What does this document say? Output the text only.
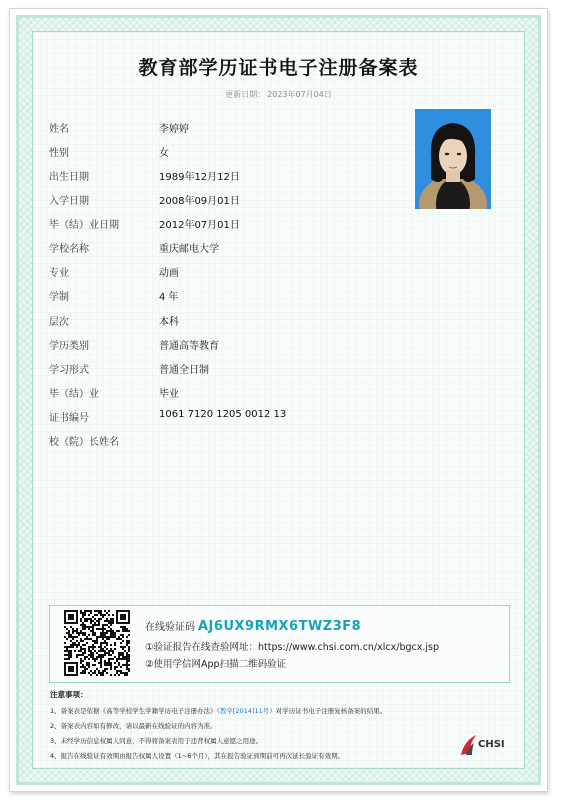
教育部学历证书电子注册备案表
更新日期： 2023年07月04日
姓名	李婷婷
性别	女
出生日期	1989年12月12日
入学日期	2008年09月01日
毕（结）业日期	2012年07月01日
学校名称	重庆邮电大学
专业	动画
学制	4 年
层次	本科
学历类别	普通高等教育
学习形式	普通全日制
毕（结）业	毕业
证书编号	1061 7120 1205 0012 13
校（院）长姓名
在线验证码 AJ6UX9RMX6TWZ3F8
①验证报告在线查验网址：https://www.chsi.com.cn/xlcx/bgcx.jsp
②使用学信网App扫描二维码验证
注意事项：
1、备案表是依据《高等学校学生学籍学历电子注册办法》（教学[2014]11号）对学历证书电子注册复核备案的结果。
2、备案表内容如有修改，请以最新在线验证的内容为准。
3、未经学历信息权属人同意，不得将备案表用于违背权属人意愿之用途。
4、报告在线验证有效期由报告权属人设置（1~6个月），其在报告验证到期前可再次延长验证有效期。
CHSI
